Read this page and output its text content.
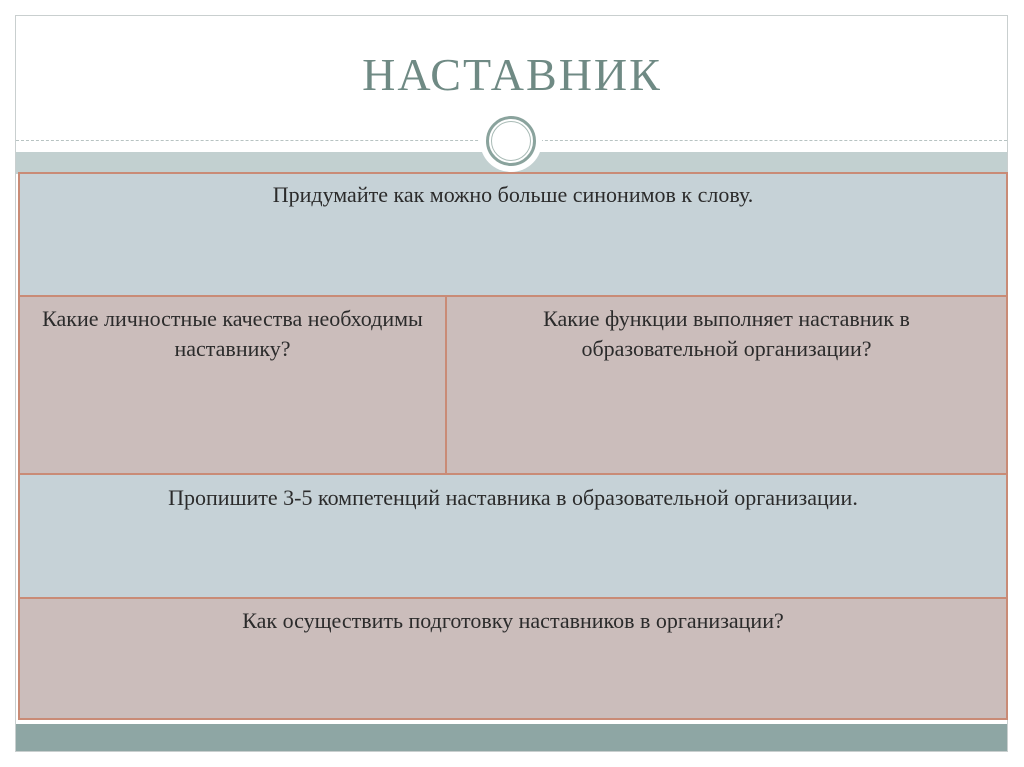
НАСТАВНИК
Придумайте как можно больше синонимов к слову.
Какие личностные качества необходимы наставнику?	Какие функции выполняет наставник в образовательной организации?
Пропишите 3-5 компетенций наставника в образовательной организации.
Как осуществить подготовку наставников в организации?
